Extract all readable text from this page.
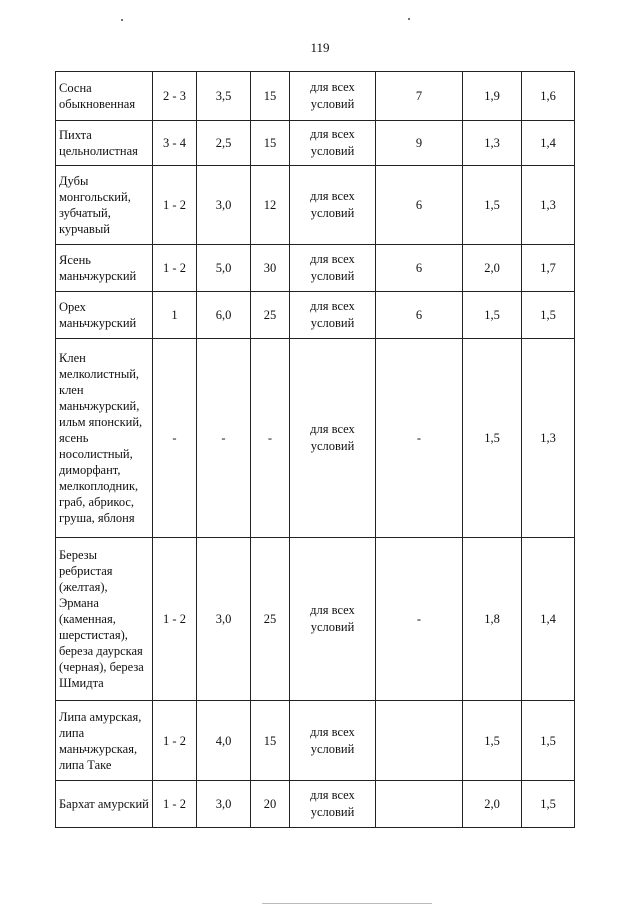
119
Сосна обыкновенная	2 - 3	3,5	15	для всех условий	7	1,9	1,6
Пихта цельнолистная	3 - 4	2,5	15	для всех условий	9	1,3	1,4
Дубы монгольский, зубчатый, курчавый	1 - 2	3,0	12	для всех условий	6	1,5	1,3
Ясень маньчжурский	1 - 2	5,0	30	для всех условий	6	2,0	1,7
Орех маньчжурский	1	6,0	25	для всех условий	6	1,5	1,5
Клен мелколистный, клен маньчжурский, ильм японский, ясень носолистный, диморфант, мелкоплодник, граб, абрикос, груша, яблоня	-	-	-	для всех условий	-	1,5	1,3
Березы ребристая (желтая), Эрмана (каменная, шерстистая), береза даурская (черная), береза Шмидта	1 - 2	3,0	25	для всех условий	-	1,8	1,4
Липа амурская, липа маньчжурская, липа Таке	1 - 2	4,0	15	для всех условий		1,5	1,5
Бархат амурский	1 - 2	3,0	20	для всех условий		2,0	1,5
